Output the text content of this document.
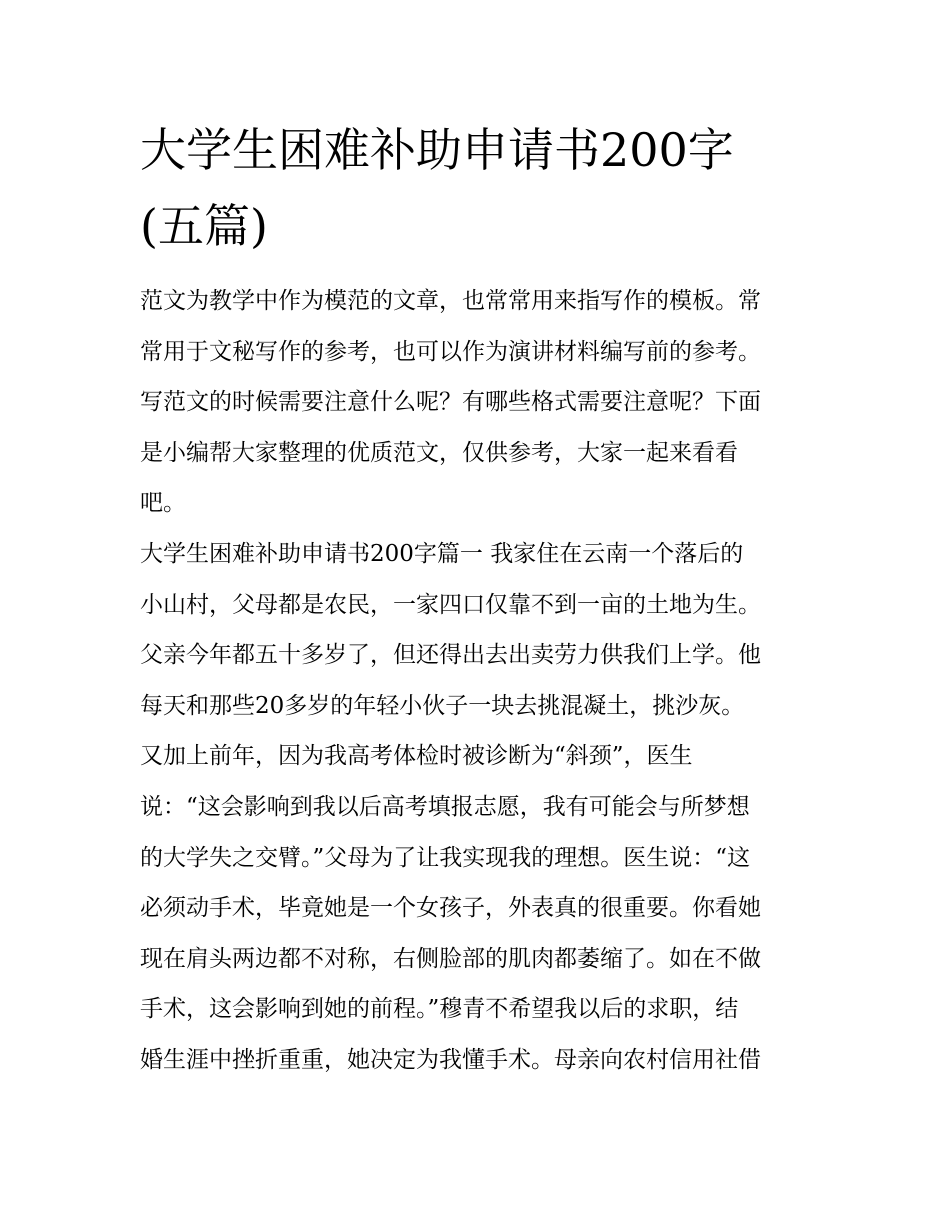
大学生困难补助申请书200字
(五篇)
范文为教学中作为模范的文章，也常常用来指写作的模板。常
常用于文秘写作的参考，也可以作为演讲材料编写前的参考。
写范文的时候需要注意什么呢？有哪些格式需要注意呢？下面
是小编帮大家整理的优质范文，仅供参考，大家一起来看看
吧。
大学生困难补助申请书200字篇一 我家住在云南一个落后的
小山村，父母都是农民，一家四口仅靠不到一亩的土地为生。
父亲今年都五十多岁了，但还得出去出卖劳力供我们上学。他
每天和那些20多岁的年轻小伙子一块去挑混凝土，挑沙灰。
又加上前年，因为我高考体检时被诊断为“斜颈”，医生
说：“这会影响到我以后高考填报志愿，我有可能会与所梦想
的大学失之交臂。”父母为了让我实现我的理想。医生说：“这
必须动手术，毕竟她是一个女孩子，外表真的很重要。你看她
现在肩头两边都不对称，右侧脸部的肌肉都萎缩了。如在不做
手术，这会影响到她的前程。”穆青不希望我以后的求职，结
婚生涯中挫折重重，她决定为我懂手术。母亲向农村信用社借
